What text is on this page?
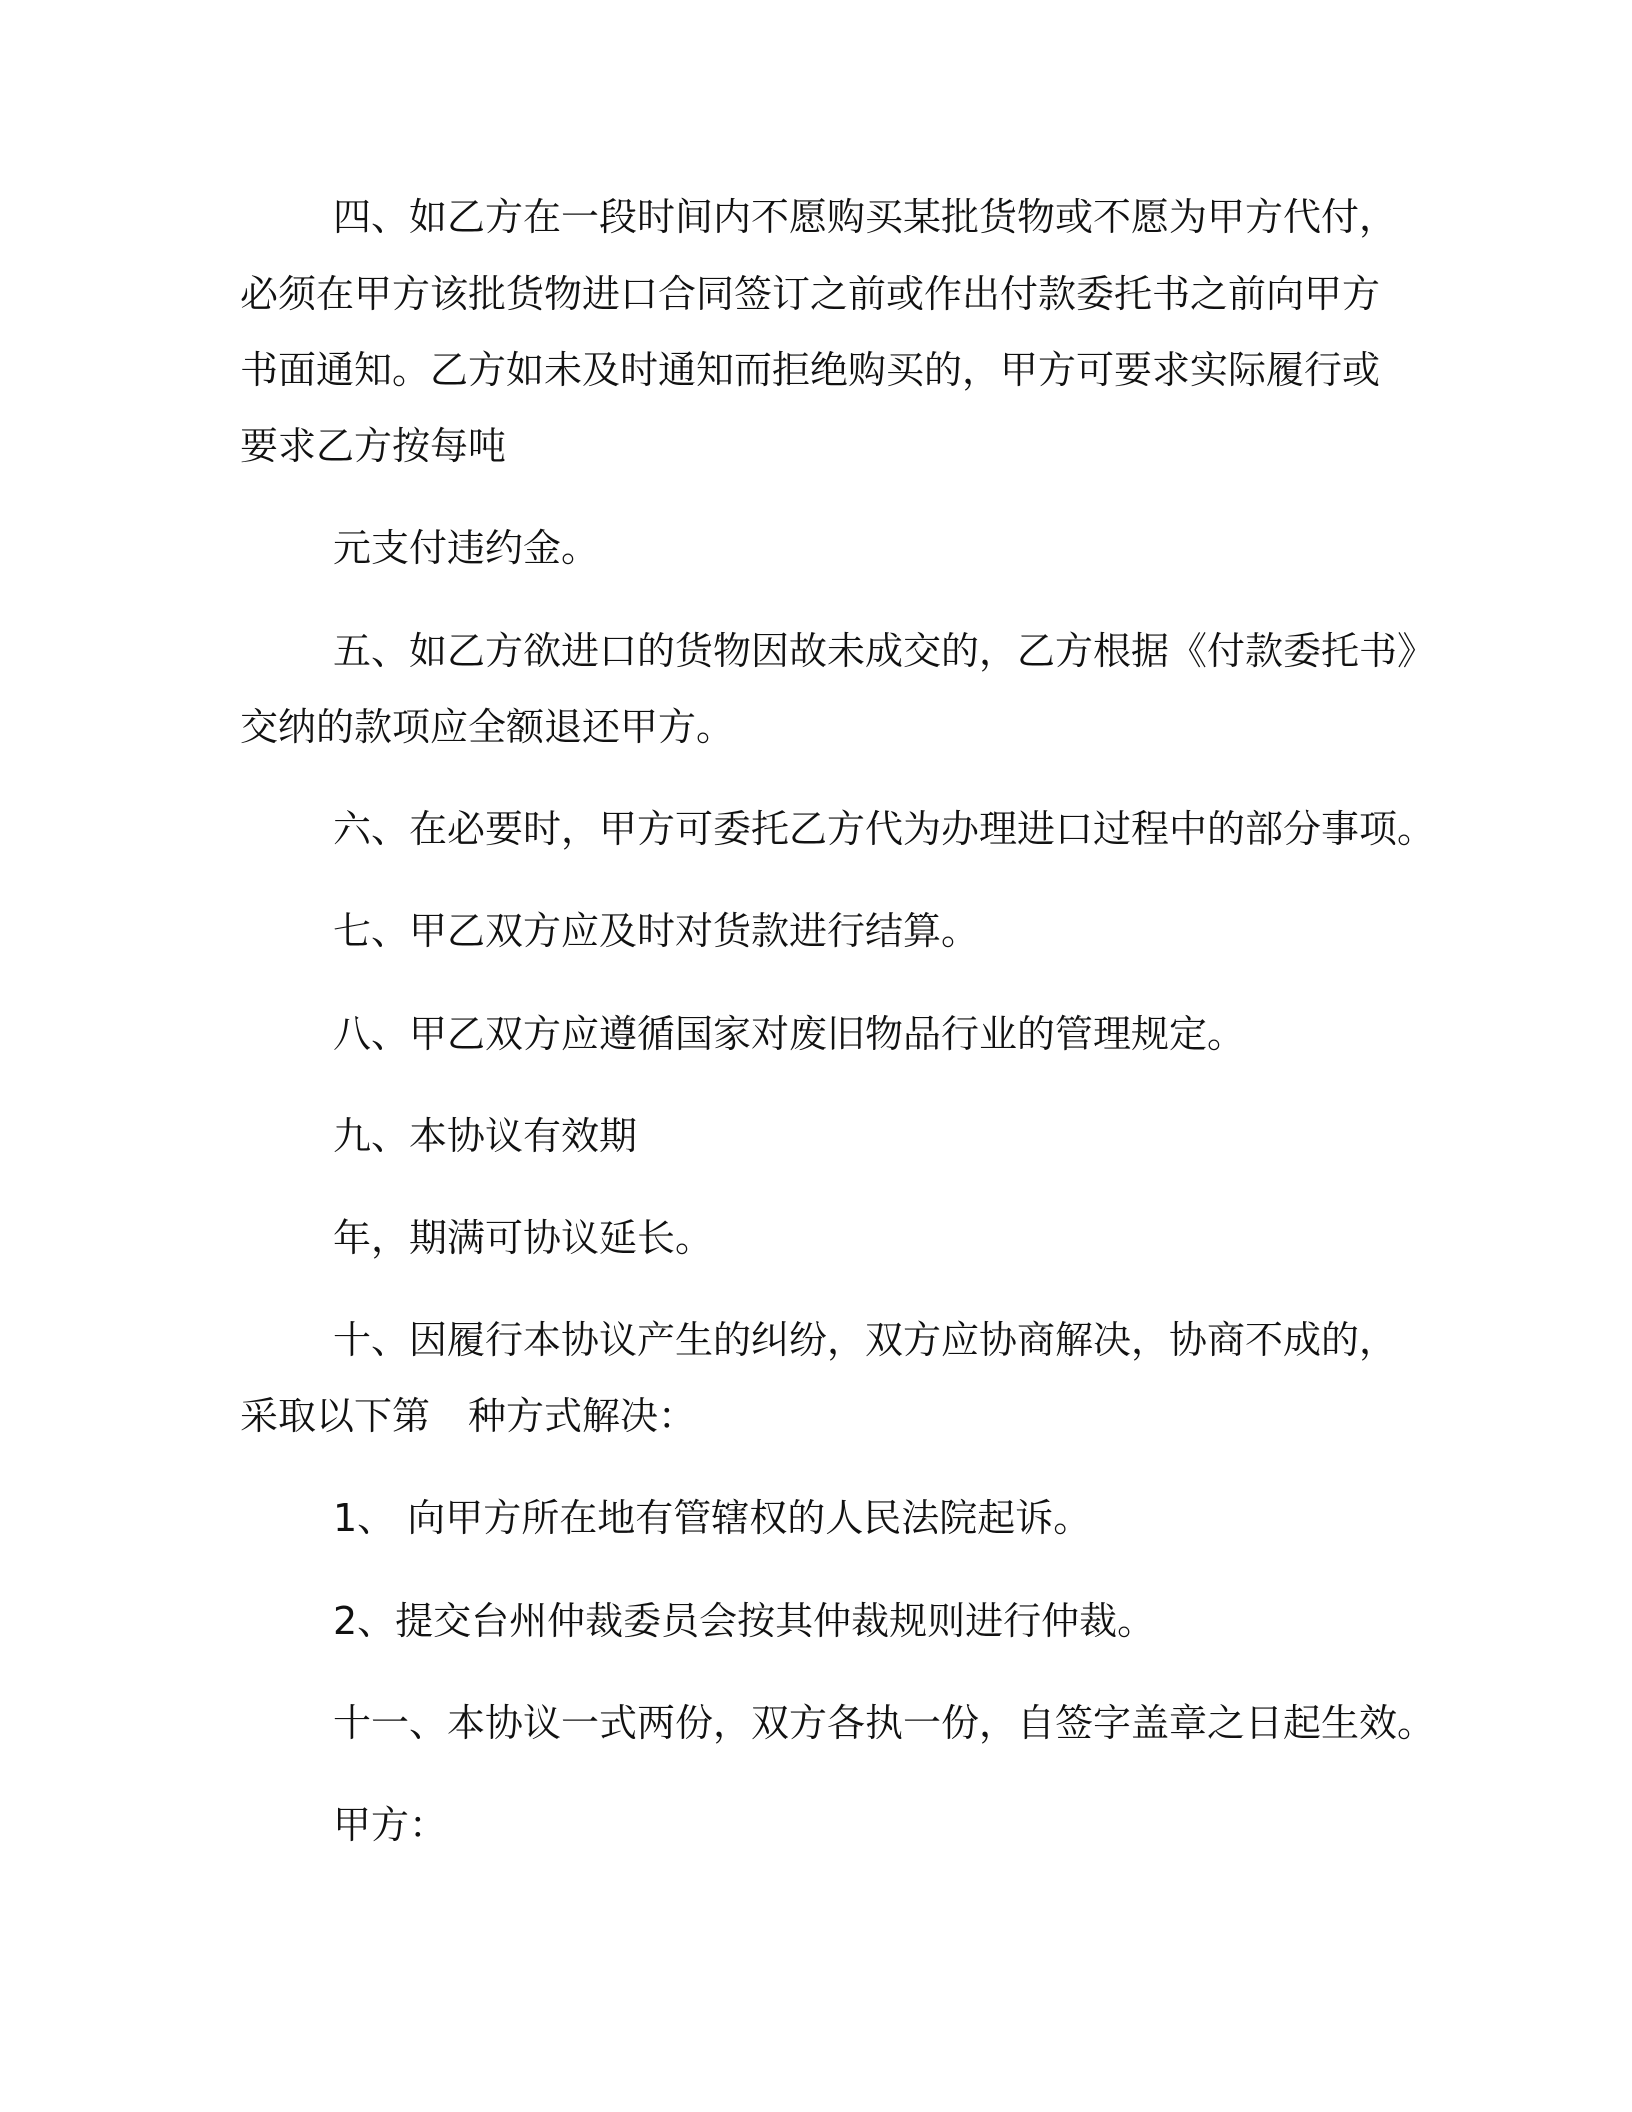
四、如乙方在一段时间内不愿购买某批货物或不愿为甲方代付，

必须在甲方该批货物进口合同签订之前或作出付款委托书之前向甲方

书面通知。乙方如未及时通知而拒绝购买的，甲方可要求实际履行或

要求乙方按每吨

元支付违约金。

五、如乙方欲进口的货物因故未成交的，乙方根据《付款委托书》

交纳的款项应全额退还甲方。

六、在必要时，甲方可委托乙方代为办理进口过程中的部分事项。

七、甲乙双方应及时对货款进行结算。

八、甲乙双方应遵循国家对废旧物品行业的管理规定。

九、本协议有效期

年，期满可协议延长。

十、因履行本协议产生的纠纷，双方应协商解决，协商不成的，

采取以下第　种方式解决：

1、 向甲方所在地有管辖权的人民法院起诉。

2、提交台州仲裁委员会按其仲裁规则进行仲裁。

十一、本协议一式两份，双方各执一份，自签字盖章之日起生效。

甲方：
